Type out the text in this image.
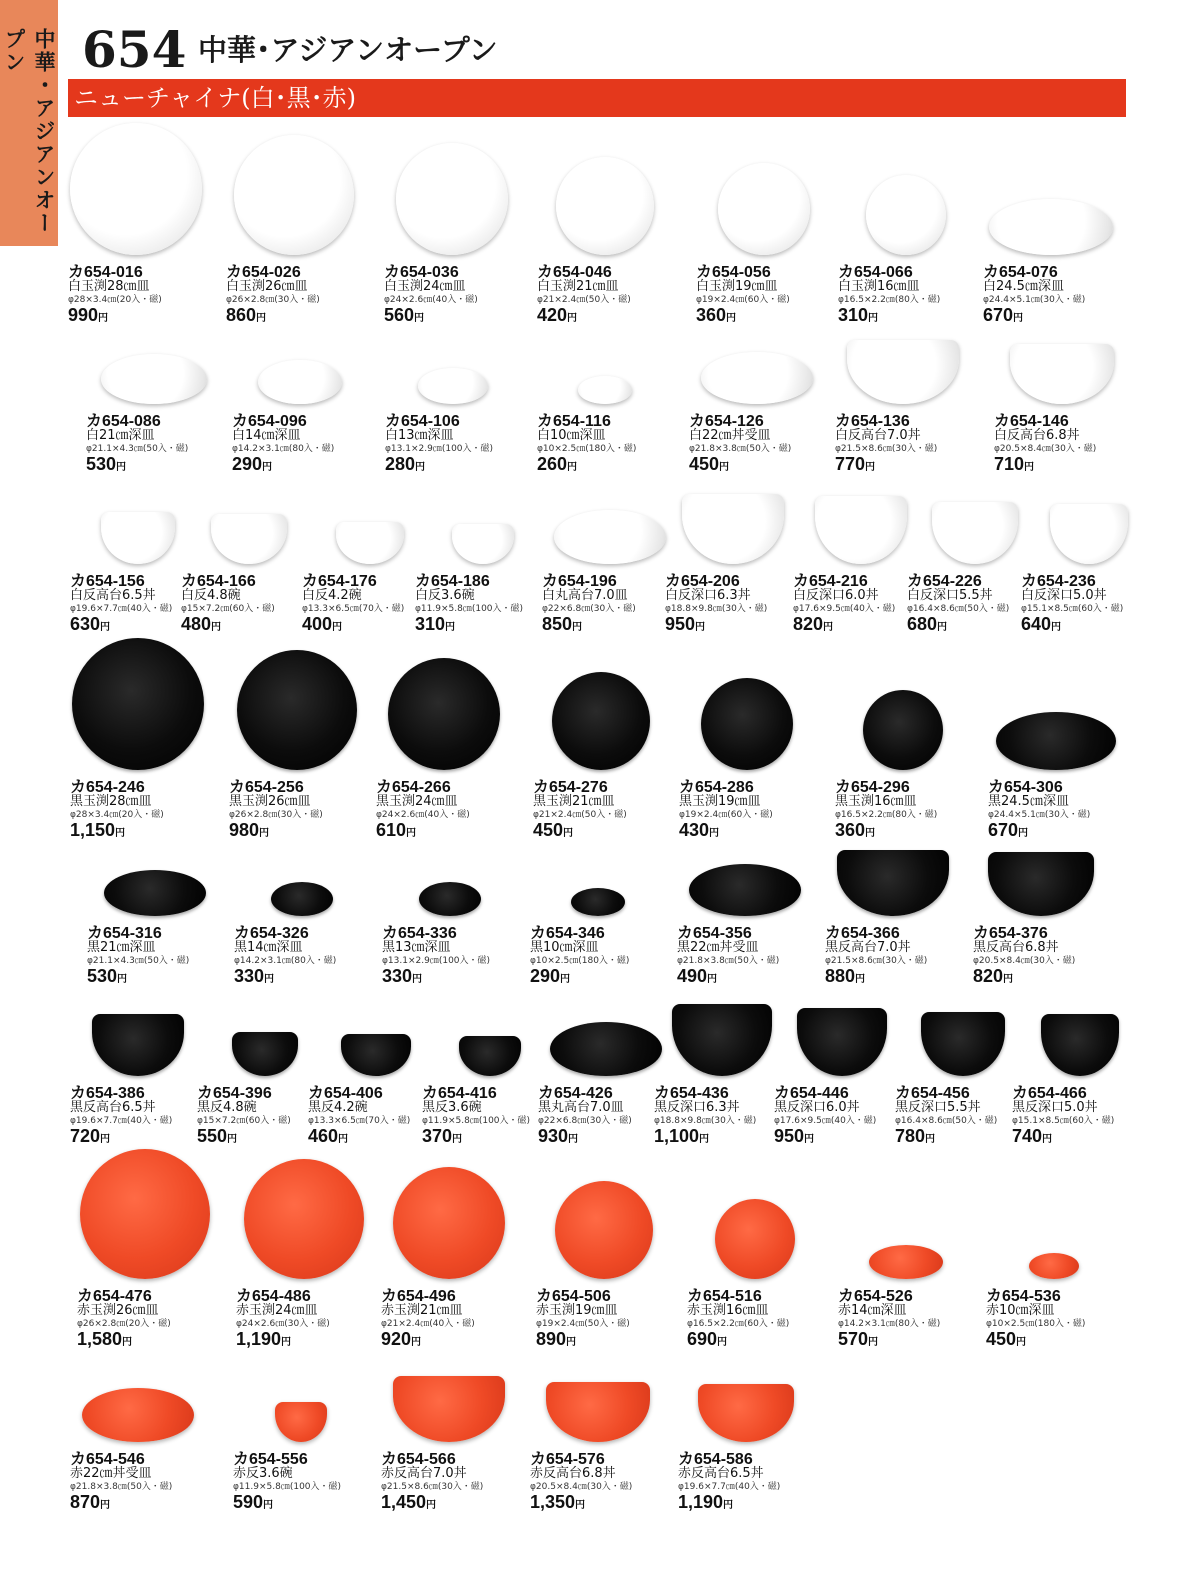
中華・アジアンオープン	654 中華･アジアンオープン
ニューチャイナ(白･黒･赤)
カ654-016
白玉渕28㎝皿
φ28×3.4㎝(20入・磁)
990円
カ654-026
白玉渕26㎝皿
φ26×2.8㎝(30入・磁)
860円
カ654-036
白玉渕24㎝皿
φ24×2.6㎝(40入・磁)
560円
カ654-046
白玉渕21㎝皿
φ21×2.4㎝(50入・磁)
420円
カ654-056
白玉渕19㎝皿
φ19×2.4㎝(60入・磁)
360円
カ654-066
白玉渕16㎝皿
φ16.5×2.2㎝(80入・磁)
310円
カ654-076
白24.5㎝深皿
φ24.4×5.1㎝(30入・磁)
670円
カ654-086
白21㎝深皿
φ21.1×4.3㎝(50入・磁)
530円
カ654-096
白14㎝深皿
φ14.2×3.1㎝(80入・磁)
290円
カ654-106
白13㎝深皿
φ13.1×2.9㎝(100入・磁)
280円
カ654-116
白10㎝深皿
φ10×2.5㎝(180入・磁)
260円
カ654-126
白22㎝丼受皿
φ21.8×3.8㎝(50入・磁)
450円
カ654-136
白反高台7.0丼
φ21.5×8.6㎝(30入・磁)
770円
カ654-146
白反高台6.8丼
φ20.5×8.4㎝(30入・磁)
710円
カ654-156
白反高台6.5丼
φ19.6×7.7㎝(40入・磁)
630円
カ654-166
白反4.8碗
φ15×7.2㎝(60入・磁)
480円
カ654-176
白反4.2碗
φ13.3×6.5㎝(70入・磁)
400円
カ654-186
白反3.6碗
φ11.9×5.8㎝(100入・磁)
310円
カ654-196
白丸高台7.0皿
φ22×6.8㎝(30入・磁)
850円
カ654-206
白反深口6.3丼
φ18.8×9.8㎝(30入・磁)
950円
カ654-216
白反深口6.0丼
φ17.6×9.5㎝(40入・磁)
820円
カ654-226
白反深口5.5丼
φ16.4×8.6㎝(50入・磁)
680円
カ654-236
白反深口5.0丼
φ15.1×8.5㎝(60入・磁)
640円
カ654-246
黒玉渕28㎝皿
φ28×3.4㎝(20入・磁)
1,150円
カ654-256
黒玉渕26㎝皿
φ26×2.8㎝(30入・磁)
980円
カ654-266
黒玉渕24㎝皿
φ24×2.6㎝(40入・磁)
610円
カ654-276
黒玉渕21㎝皿
φ21×2.4㎝(50入・磁)
450円
カ654-286
黒玉渕19㎝皿
φ19×2.4㎝(60入・磁)
430円
カ654-296
黒玉渕16㎝皿
φ16.5×2.2㎝(80入・磁)
360円
カ654-306
黒24.5㎝深皿
φ24.4×5.1㎝(30入・磁)
670円
カ654-316
黒21㎝深皿
φ21.1×4.3㎝(50入・磁)
530円
カ654-326
黒14㎝深皿
φ14.2×3.1㎝(80入・磁)
330円
カ654-336
黒13㎝深皿
φ13.1×2.9㎝(100入・磁)
330円
カ654-346
黒10㎝深皿
φ10×2.5㎝(180入・磁)
290円
カ654-356
黒22㎝丼受皿
φ21.8×3.8㎝(50入・磁)
490円
カ654-366
黒反高台7.0丼
φ21.5×8.6㎝(30入・磁)
880円
カ654-376
黒反高台6.8丼
φ20.5×8.4㎝(30入・磁)
820円
カ654-386
黒反高台6.5丼
φ19.6×7.7㎝(40入・磁)
720円
カ654-396
黒反4.8碗
φ15×7.2㎝(60入・磁)
550円
カ654-406
黒反4.2碗
φ13.3×6.5㎝(70入・磁)
460円
カ654-416
黒反3.6碗
φ11.9×5.8㎝(100入・磁)
370円
カ654-426
黒丸高台7.0皿
φ22×6.8㎝(30入・磁)
930円
カ654-436
黒反深口6.3丼
φ18.8×9.8㎝(30入・磁)
1,100円
カ654-446
黒反深口6.0丼
φ17.6×9.5㎝(40入・磁)
950円
カ654-456
黒反深口5.5丼
φ16.4×8.6㎝(50入・磁)
780円
カ654-466
黒反深口5.0丼
φ15.1×8.5㎝(60入・磁)
740円
カ654-476
赤玉渕26㎝皿
φ26×2.8㎝(20入・磁)
1,580円
カ654-486
赤玉渕24㎝皿
φ24×2.6㎝(30入・磁)
1,190円
カ654-496
赤玉渕21㎝皿
φ21×2.4㎝(40入・磁)
920円
カ654-506
赤玉渕19㎝皿
φ19×2.4㎝(50入・磁)
890円
カ654-516
赤玉渕16㎝皿
φ16.5×2.2㎝(60入・磁)
690円
カ654-526
赤14㎝深皿
φ14.2×3.1㎝(80入・磁)
570円
カ654-536
赤10㎝深皿
φ10×2.5㎝(180入・磁)
450円
カ654-546
赤22㎝丼受皿
φ21.8×3.8㎝(50入・磁)
870円
カ654-556
赤反3.6碗
φ11.9×5.8㎝(100入・磁)
590円
カ654-566
赤反高台7.0丼
φ21.5×8.6㎝(30入・磁)
1,450円
カ654-576
赤反高台6.8丼
φ20.5×8.4㎝(30入・磁)
1,350円
カ654-586
赤反高台6.5丼
φ19.6×7.7㎝(40入・磁)
1,190円
